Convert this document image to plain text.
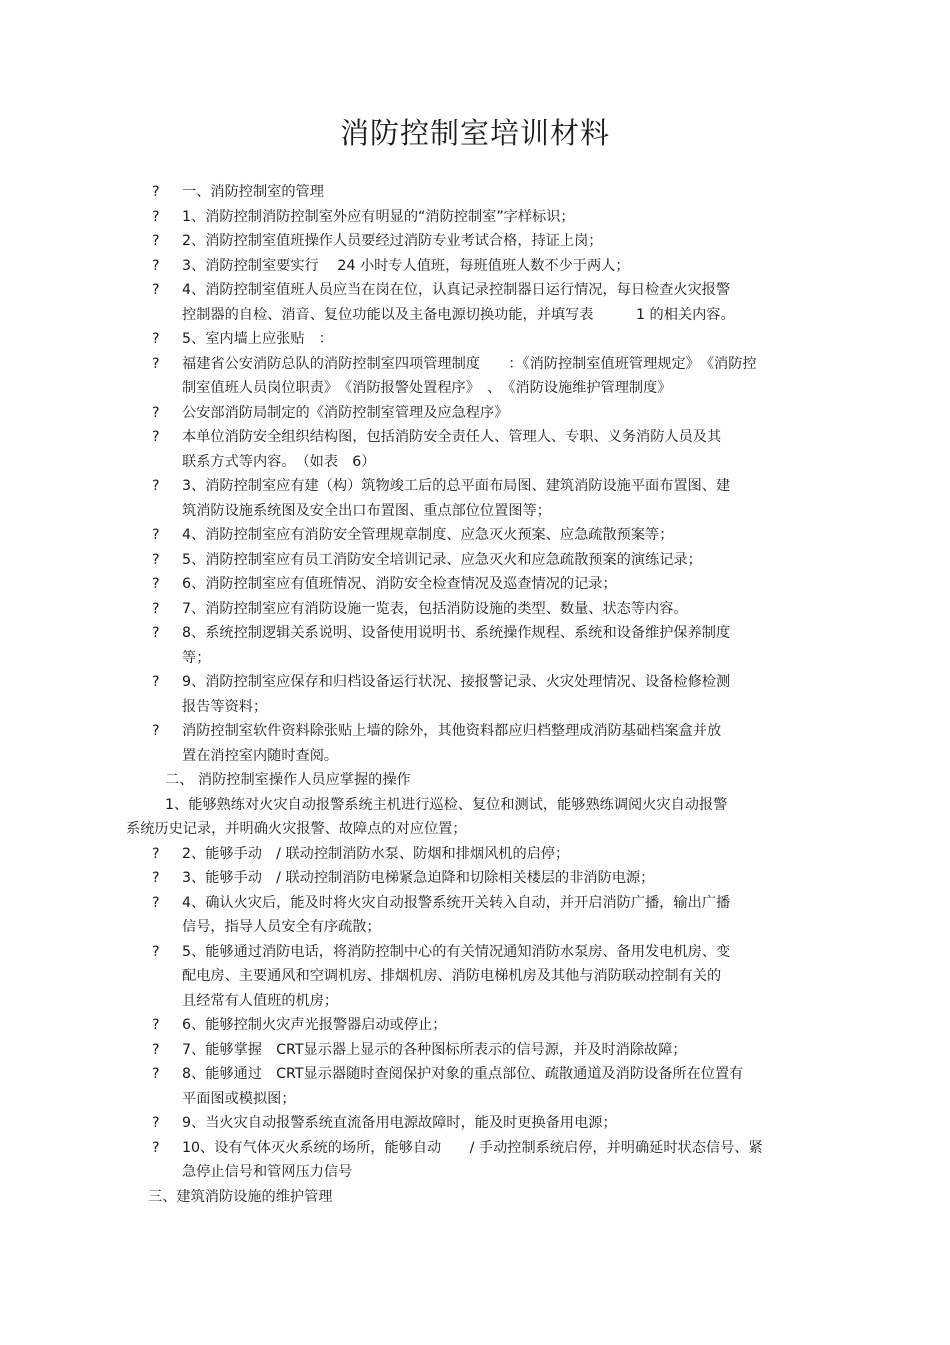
消防控制室培训材料
?	一、消防控制室的管理
?	1、消防控制消防控制室外应有明显的“消防控制室”字样标识；
?	2、消防控制室值班操作人员要经过消防专业考试合格，持证上岗；
?	3、消防控制室要实行　 24 小时专人值班，每班值班人数不少于两人；
?	4、消防控制室值班人员应当在岗在位，认真记录控制器日运行情况，每日检查火灾报警
控制器的自检、消音、复位功能以及主备电源切换功能，并填写表　　　1 的相关内容。
?	5、室内墙上应张贴　：
?	福建省公安消防总队的消防控制室四项管理制度　　：《消防控制室值班管理规定》　《消防控
制室值班人员岗位职责》　《消防报警处置程序》　、　《消防设施维护管理制度》
?	公安部消防局制定的《消防控制室管理及应急程序》
?	本单位消防安全组织结构图，包括消防安全责任人、管理人、专职、义务消防人员及其
联系方式等内容。　（如表　6）
?	3、消防控制室应有建（构）筑物竣工后的总平面布局图、建筑消防设施平面布置图、建
筑消防设施系统图及安全出口布置图、重点部位位置图等；
?	4、消防控制室应有消防安全管理规章制度、应急灭火预案、应急疏散预案等；
?	5、消防控制室应有员工消防安全培训记录、应急灭火和应急疏散预案的演练记录；
?	6、消防控制室应有值班情况、消防安全检查情况及巡查情况的记录；
?	7、消防控制室应有消防设施一览表，包括消防设施的类型、数量、状态等内容。
?	8、系统控制逻辑关系说明、设备使用说明书、系统操作规程、系统和设备维护保养制度
等；
?	9、消防控制室应保存和归档设备运行状况、接报警记录、火灾处理情况、设备检修检测
报告等资料；
?	消防控制室软件资料除张贴上墙的除外，其他资料都应归档整理成消防基础档案盒并放
置在消控室内随时查阅。
二、 消防控制室操作人员应掌握的操作
1、能够熟练对火灾自动报警系统主机进行巡检、复位和测试，能够熟练调阅火灾自动报警
系统历史记录，并明确火灾报警、故障点的对应位置；
?	2、能够手动　/ 联动控制消防水泵、防烟和排烟风机的启停；
?	3、能够手动　/ 联动控制消防电梯紧急迫降和切除相关楼层的非消防电源；
?	4、确认火灾后，能及时将火灾自动报警系统开关转入自动，并开启消防广播，输出广播
信号，指导人员安全有序疏散；
?	5、能够通过消防电话，将消防控制中心的有关情况通知消防水泵房、备用发电机房、变
配电房、主要通风和空调机房、排烟机房、消防电梯机房及其他与消防联动控制有关的
且经常有人值班的机房；
?	6、能够控制火灾声光报警器启动或停止；
?	7、能够掌握　CRT显示器上显示的各种图标所表示的信号源，并及时消除故障；
?	8、能够通过　CRT显示器随时查阅保护对象的重点部位、疏散通道及消防设备所在位置有
平面图或模拟图；
?	9、当火灾自动报警系统直流备用电源故障时，能及时更换备用电源；
?	10、设有气体灭火系统的场所，能够自动　　/ 手动控制系统启停，并明确延时状态信号、紧
急停止信号和管网压力信号
三、建筑消防设施的维护管理
